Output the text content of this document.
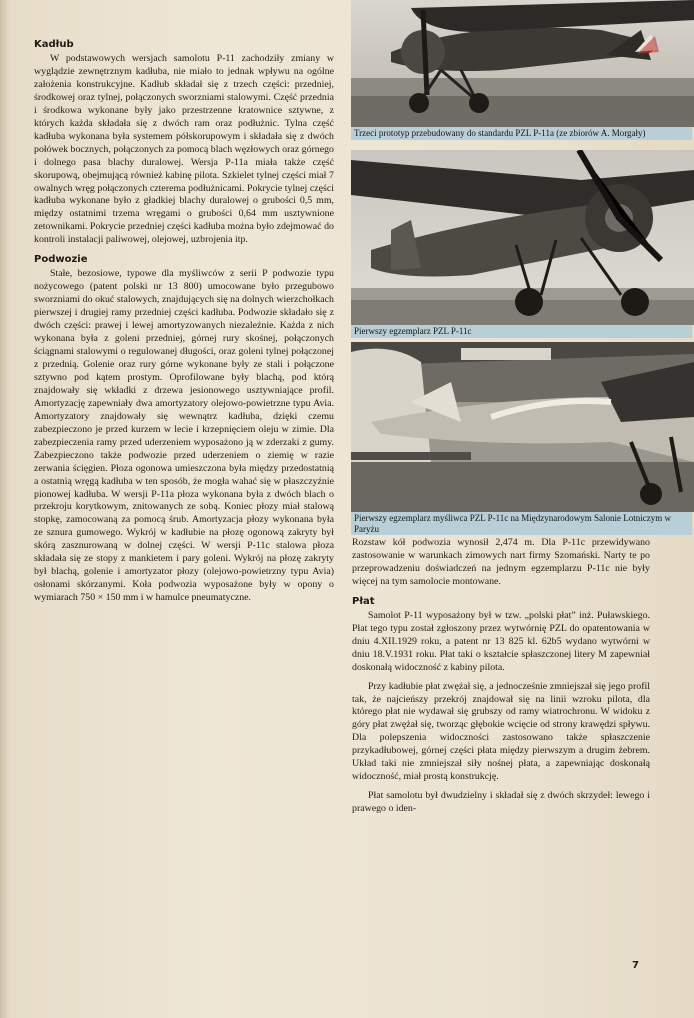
Kadłub

W podstawowych wersjach samolotu P-11 zachodziły zmiany w wyglądzie zewnętrznym kadłuba, nie miało to jednak wpływu na ogólne założenia konstrukcyjne. Kadłub składał się z trzech części: przedniej, środkowej oraz tylnej, połączonych sworzniami stalowymi. Część przednia i środkowa wykonane były jako przestrzenne kratownice sztywne, z których każda składała się z dwóch ram oraz podłużnic. Tylna część kadłuba wykonana była systemem półskorupowym i składała się z dwóch połówek bocznych, połączonych za pomocą blach węzłowych oraz górnego i dolnego pasa blachy duralowej. Wersja P-11a miała także część skorupową, obejmującą również kabinę pilota. Szkielet tylnej części miał 7 owalnych wręg połączonych czterema podłużnicami. Pokrycie tylnej części kadłuba wykonane było z gładkiej blachy duralowej o grubości 0,5 mm, między ostatnimi trzema wręgami o grubości 0,64 mm usztywnione zetownikami. Pokrycie przedniej części kadłuba można było zdejmować do kontroli instalacji paliwowej, olejowej, uzbrojenia itp.

Podwozie

Stałe, bezosiowe, typowe dla myśliwców z serii P podwozie typu nożycowego (patent polski nr 13 800) umocowane było przegubowo sworzniami do okuć stalowych, znajdujących się na dolnych wierzchołkach pierwszej i drugiej ramy przedniej części kadłuba. Podwozie składało się z dwóch części: prawej i lewej amortyzowanych niezależnie. Każda z nich wykonana była z goleni przedniej, górnej rury skośnej, połączonych ściągnami stalowymi o regulowanej długości, oraz goleni tylnej połączonej z przednią. Golenie oraz rury górne wykonane były ze stali i połączone sztywno pod kątem prostym. Oprofilowane były blachą, pod którą znajdowały się wkładki z drzewa jesionowego usztywniające profil. Amortyzację zapewniały dwa amortyzatory olejowo-powietrzne typu Avia. Amortyzatory znajdowały się wewnątrz kadłuba, dzięki czemu zabezpieczono je przed kurzem w lecie i krzepnięciem oleju w zimie. Dla zabezpieczenia ramy przed uderzeniem wyposażono ją w zderzaki z gumy. Zabezpieczono także podwozie przed uderzeniem o ziemię w razie zerwania ścięgien. Płoza ogonowa umieszczona była między przedostatnią a ostatnią wręgą kadłuba w ten sposób, że mogła wahać się w płaszczyźnie pionowej kadłuba. W wersji P-11a płoza wykonana była z dwóch blach o przekroju korytkowym, znitowanych ze sobą. Koniec płozy miał stalową stopkę, zamocowaną za pomocą śrub. Amortyzacja płozy wykonana była ze sznura gumowego. Wykrój w kadłubie na płozę ogonową zakryty był skórą zasznurowaną w dolnej części. W wersji P-11c stalowa płoza składała się ze stopy z mankietem i pary goleni. Wykrój na płozę zakryty był blachą, golenie i amortyzator płozy (olejowo-powietrzny typu Avia) osłonami skórzanymi. Koła podwozia wyposażone były w opony o wymiarach 750 × 150 mm i w hamulce pneumatyczne.

Trzeci prototyp przebudowany do standardu PZL P-11a (ze zbiorów A. Morgały)
Pierwszy egzemplarz PZL P-11c
Pierwszy egzemplarz myśliwca PZL P-11c na Międzynarodowym Salonie Lotniczym w Paryżu

Rozstaw kół podwozia wynosił 2,474 m. Dla P-11c przewidywano zastosowanie w warunkach zimowych nart firmy Szomański. Narty te po przeprowadzeniu doświadczeń na jednym egzemplarzu P-11c nie były więcej na tym samolocie montowane.

Płat

Samolot P-11 wyposażony był w tzw. „polski płat” inż. Puławskiego. Płat tego typu został zgłoszony przez wytwórnię PZL do opatentowania w dniu 4.XII.1929 roku, a patent nr 13 825 kl. 62b5 wydano wytwórni w dniu 18.V.1931 roku. Płat taki o kształcie spłaszczonej litery M zapewniał doskonałą widoczność z kabiny pilota.

Przy kadłubie płat zwężał się, a jednocześnie zmniejszał się jego profil tak, że najcieńszy przekrój znajdował się na linii wzroku pilota, dla którego płat nie wydawał się grubszy od ramy wiatrochronu. W widoku z góry płat zwężał się, tworząc głębokie wcięcie od strony krawędzi spływu. Dla polepszenia widoczności zastosowano także spłaszczenie przykadłubowej, górnej części płata między pierwszym a drugim żebrem. Układ taki nie zmniejszał siły nośnej płata, a zapewniając doskonałą widoczność, miał prostą konstrukcję.

Płat samolotu był dwudzielny i składał się z dwóch skrzydeł: lewego i prawego o iden-

7
